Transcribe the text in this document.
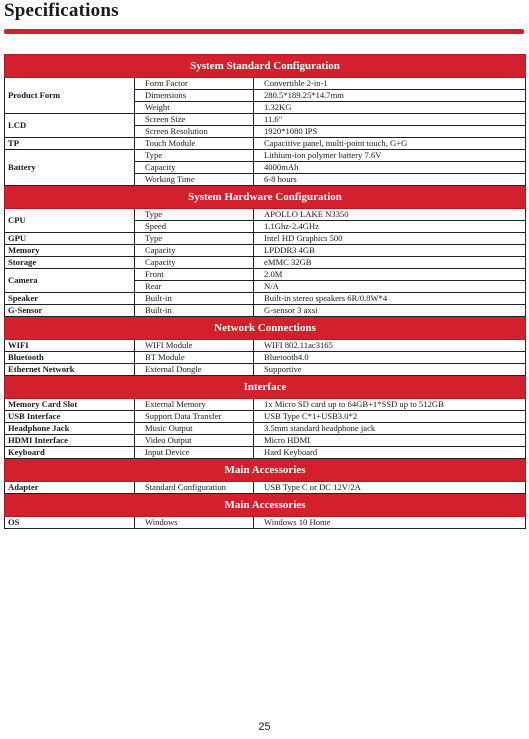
Specifications
System Standard Configuration		
Product Form	Form Factor	Convertible 2-in-1
	Dimensions	280.5*189.25*14.7mm
	Weight	1.32KG
LCD	Screen Size	11.6"
	Screen Resolution	1920*1080 IPS
TP	Touch Module	Capacitive panel, multi-point touch, G+G
Battery	Type	Lithium-ion polymer battery 7.6V
	Capacity	4000mAh
	Working Time	6-8 hours
System Hardware Configuration		
CPU	Type	APOLLO LAKE N3350
	Speed	1.1Ghz-2.4GHz
GPU	Type	Intel HD Graphics 500
Memory	Capacity	LPDDR3 4GB
Storage	Capacity	eMMC 32GB
Camera	Front	2.0M
	Rear	N/A
Speaker	Built-in	Built-in stereo speakers 6R/0.8W*4
G-Sensor	Built-in	G-sensor 3 axsi
Network Connections		
WIFI	WIFI Module	WIFI 802.11ac3165
Bluetooth	BT Module	Bluetooth4.0
Ethernet Network	External Dongle	Supportive
Interface		
Memory Card Slot	External Memory	1x Micro SD card up to 64GB+1*SSD up to 512GB
USB Interface	Support Data Transfer	USB Type C*1+USB3.0*2
Headphone Jack	Music Output	3.5mm standard headphone jack
HDMI Interface	Video Output	Micro HDMI
Keyboard	Input Device	Hard Keyboard
Main Accessories		
Adapter	Standard Configuration	USB Type C or DC 12V/2A
Main Accessories		
OS	Windows	Windows 10 Home
25
